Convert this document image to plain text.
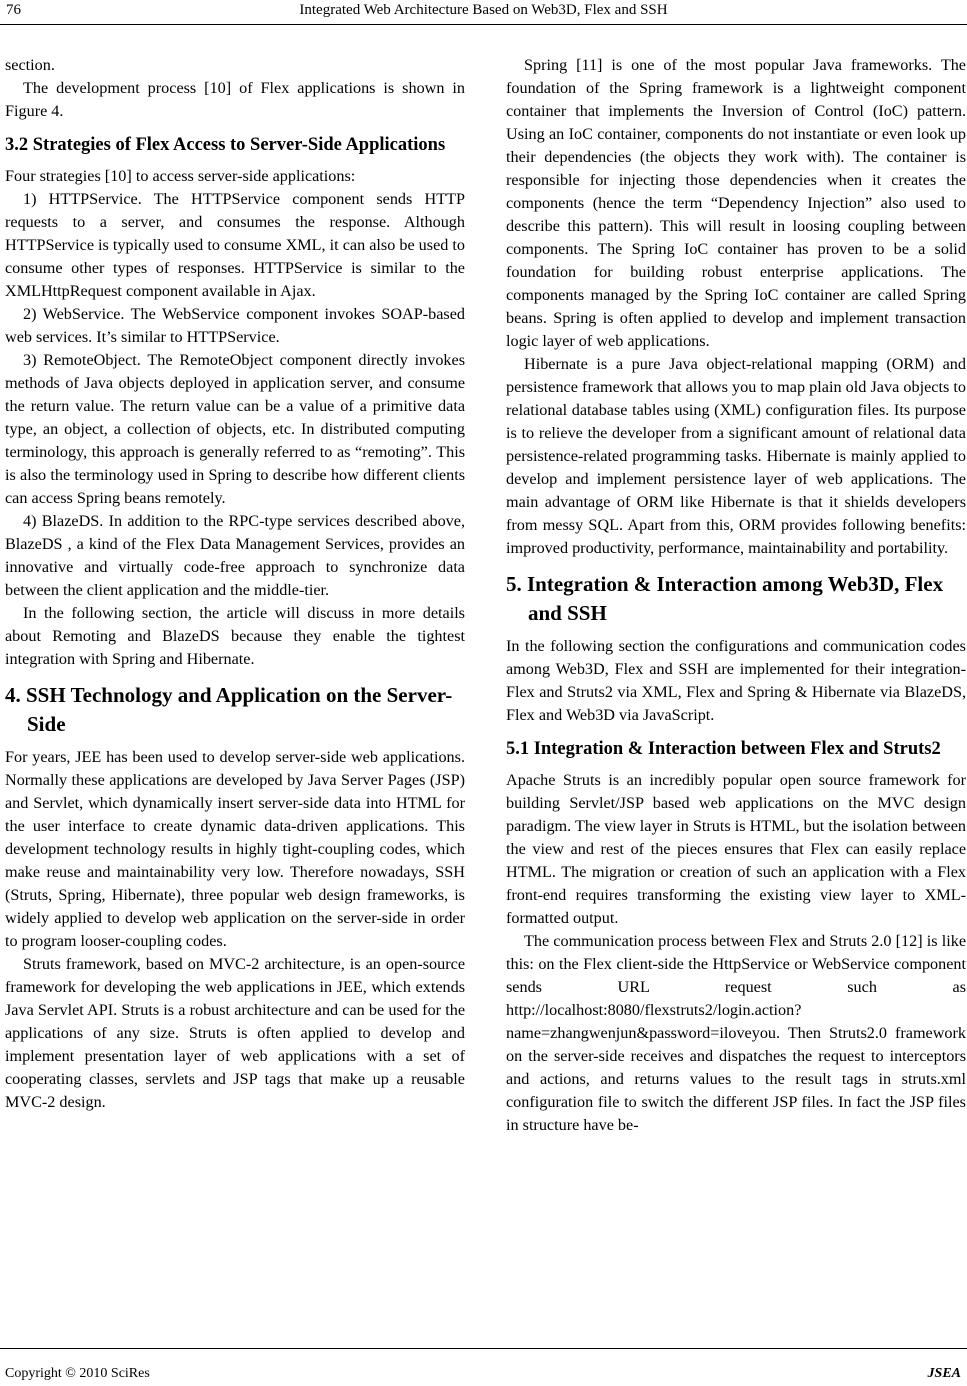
76	Integrated Web Architecture Based on Web3D, Flex and SSH

section.

The development process [10] of Flex applications is shown in Figure 4.

3.2 Strategies of Flex Access to Server-Side Applications

Four strategies [10] to access server-side applications:

1) HTTPService. The HTTPService component sends HTTP requests to a server, and consumes the response. Although HTTPService is typically used to consume XML, it can also be used to consume other types of responses. HTTPService is similar to the XMLHttpRequest component available in Ajax.

2) WebService. The WebService component invokes SOAP-based web services. It’s similar to HTTPService.

3) RemoteObject. The RemoteObject component directly invokes methods of Java objects deployed in application server, and consume the return value. The return value can be a value of a primitive data type, an object, a collection of objects, etc. In distributed computing terminology, this approach is generally referred to as “remoting”. This is also the terminology used in Spring to describe how different clients can access Spring beans remotely.

4) BlazeDS. In addition to the RPC-type services described above, BlazeDS , a kind of the Flex Data Management Services, provides an innovative and virtually code-free approach to synchronize data between the client application and the middle-tier.

In the following section, the article will discuss in more details about Remoting and BlazeDS because they enable the tightest integration with Spring and Hibernate.

4. SSH Technology and Application on the Server-Side

For years, JEE has been used to develop server-side web applications. Normally these applications are developed by Java Server Pages (JSP) and Servlet, which dynamically insert server-side data into HTML for the user interface to create dynamic data-driven applications. This development technology results in highly tight-coupling codes, which make reuse and maintainability very low. Therefore nowadays, SSH (Struts, Spring, Hibernate), three popular web design frameworks, is widely applied to develop web application on the server-side in order to program looser-coupling codes.

Struts framework, based on MVC-2 architecture, is an open-source framework for developing the web applications in JEE, which extends Java Servlet API. Struts is a robust architecture and can be used for the applications of any size. Struts is often applied to develop and implement presentation layer of web applications with a set of cooperating classes, servlets and JSP tags that make up a reusable MVC-2 design.

Spring [11] is one of the most popular Java frameworks. The foundation of the Spring framework is a lightweight component container that implements the Inversion of Control (IoC) pattern. Using an IoC container, components do not instantiate or even look up their dependencies (the objects they work with). The container is responsible for injecting those dependencies when it creates the components (hence the term “Dependency Injection” also used to describe this pattern). This will result in loosing coupling between components. The Spring IoC container has proven to be a solid foundation for building robust enterprise applications. The components managed by the Spring IoC container are called Spring beans. Spring is often applied to develop and implement transaction logic layer of web applications.

Hibernate is a pure Java object-relational mapping (ORM) and persistence framework that allows you to map plain old Java objects to relational database tables using (XML) configuration files. Its purpose is to relieve the developer from a significant amount of relational data persistence-related programming tasks. Hibernate is mainly applied to develop and implement persistence layer of web applications. The main advantage of ORM like Hibernate is that it shields developers from messy SQL. Apart from this, ORM provides following benefits: improved productivity, performance, maintainability and portability.

5. Integration & Interaction among Web3D, Flex and SSH

In the following section the configurations and communication codes among Web3D, Flex and SSH are implemented for their integration-Flex and Struts2 via XML, Flex and Spring & Hibernate via BlazeDS, Flex and Web3D via JavaScript.

5.1 Integration & Interaction between Flex and Struts2

Apache Struts is an incredibly popular open source framework for building Servlet/JSP based web applications on the MVC design paradigm. The view layer in Struts is HTML, but the isolation between the view and rest of the pieces ensures that Flex can easily replace HTML. The migration or creation of such an application with a Flex front-end requires transforming the existing view layer to XML-formatted output.

The communication process between Flex and Struts 2.0 [12] is like this: on the Flex client-side the HttpService or WebService component sends URL request such as http://localhost:8080/flexstruts2/login.action?name=zhangwenjun&password=iloveyou. Then Struts2.0 framework on the server-side receives and dispatches the request to interceptors and actions, and returns values to the result tags in struts.xml configuration file to switch the different JSP files. In fact the JSP files in structure have be-

Copyright © 2010 SciRes	JSEA
